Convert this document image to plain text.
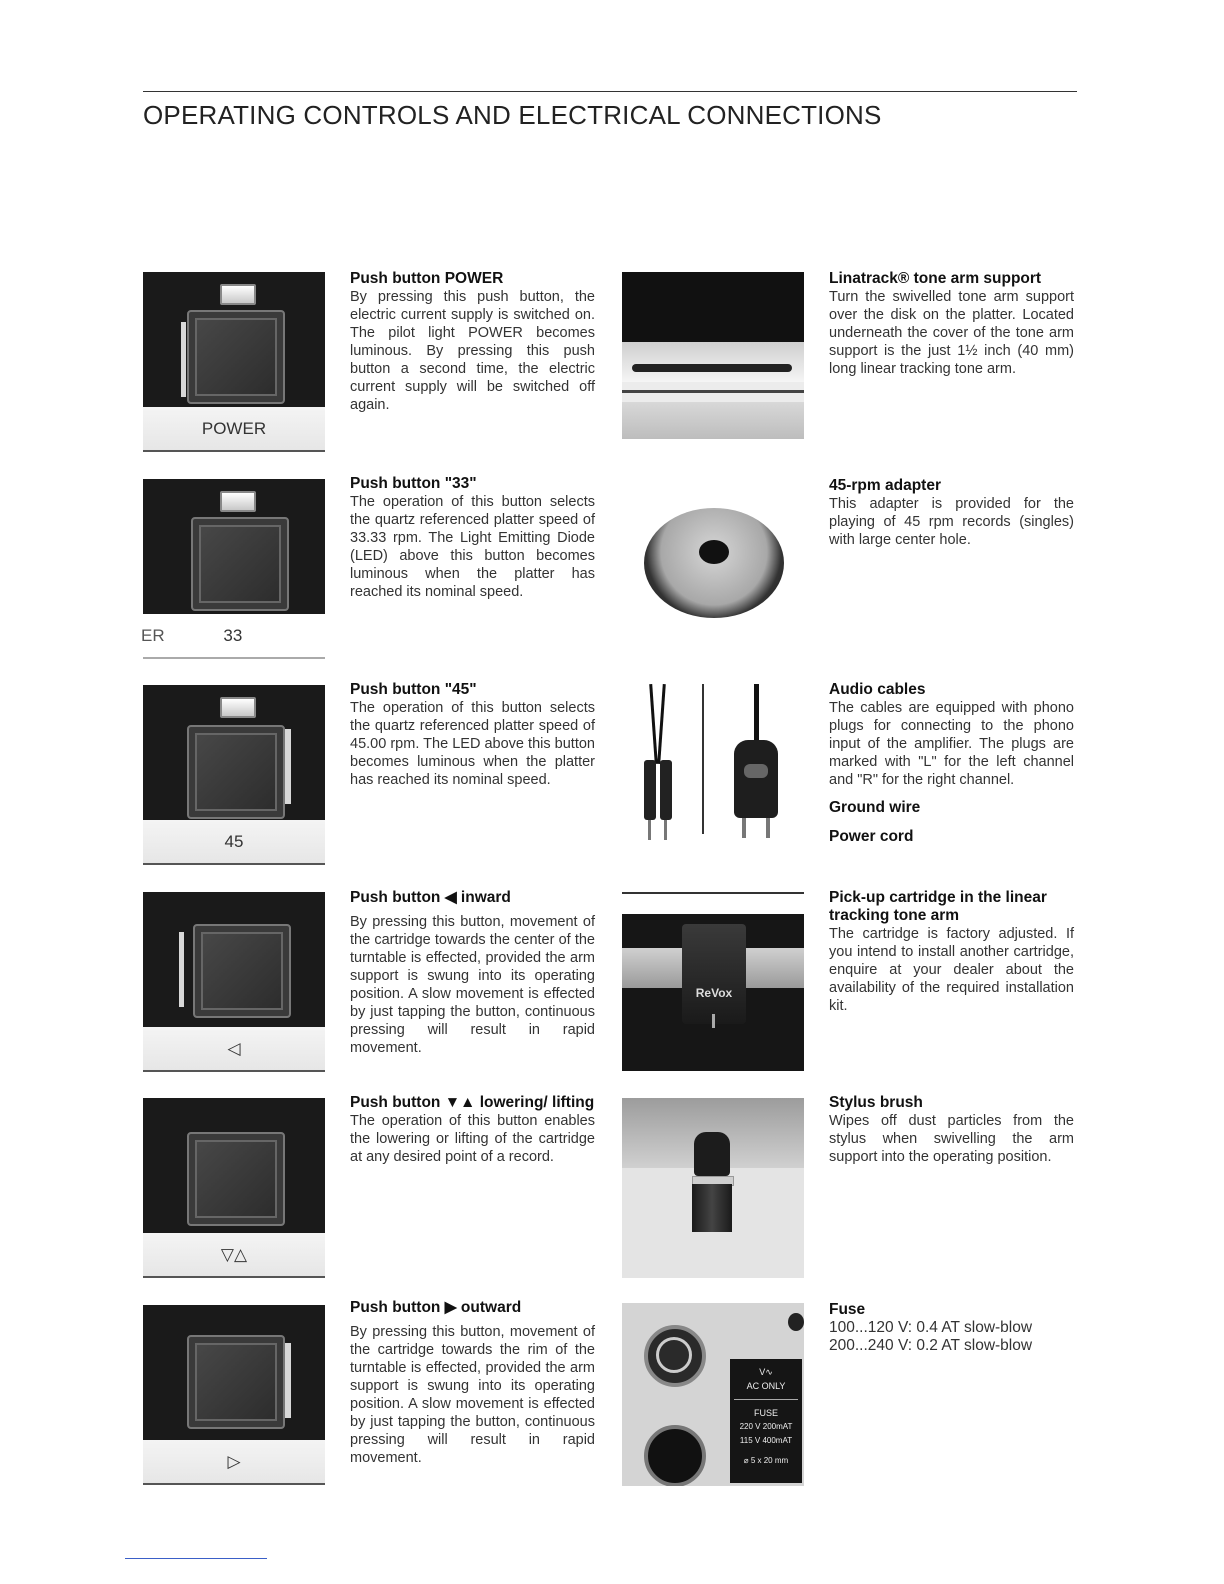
OPERATING CONTROLS AND ELECTRICAL CONNECTIONS
POWER
Push button POWER

By pressing this push button, the electric current supply is switched on. The pilot light POWER becomes luminous. By pressing this push button a second time, the electric current supply will be switched off again.

ER	33
Push button "33"

The operation of this button selects the quartz referenced platter speed of 33.33 rpm. The Light Emitting Diode (LED) above this button becomes luminous when the platter has reached its nominal speed.

45
Push button "45"

The operation of this button selects the quartz referenced platter speed of 45.00 rpm. The LED above this button becomes luminous when the platter has reached its nominal speed.

◁
Push button ◀ inward

By pressing this button, movement of the cartridge towards the center of the turntable is effected, provided the arm support is swung into its operating position. A slow movement is effected by just tapping the button, continuous pressing will result in rapid movement.

▽△
Push button ▼▲ lowering/ lifting

The operation of this button enables the lowering or lifting of the cartridge at any desired point of a record.

▷
Push button ▶ outward

By pressing this button, movement of the cartridge towards the rim of the turntable is effected, provided the arm support is swung into its operating position. A slow movement is effected by just tapping the button, continuous pressing will result in rapid movement.

Linatrack® tone arm support

Turn the swivelled tone arm support over the disk on the platter. Located underneath the cover of the tone arm support is the just 1½ inch (40 mm) long linear tracking tone arm.

45-rpm adapter

This adapter is provided for the playing of 45 rpm records (singles) with large center hole.

Audio cables

The cables are equipped with phono plugs for connecting to the phono input of the amplifier. The plugs are marked with "L" for the left channel and "R" for the right channel.

Ground wire
Power cord
ReVox
Pick-up cartridge in the linear tracking tone arm

The cartridge is factory adjusted. If you intend to install another cartridge, enquire at your dealer about the availability of the required installation kit.

Stylus brush

Wipes off dust particles from the stylus when swivelling the arm support into the operating position.

V∿
AC ONLY
FUSE
220 V 200mAT
115 V 400mAT
⌀ 5 x 20 mm
Fuse

100...120 V: 0.4 AT slow-blow

200...240 V: 0.2 AT slow-blow
